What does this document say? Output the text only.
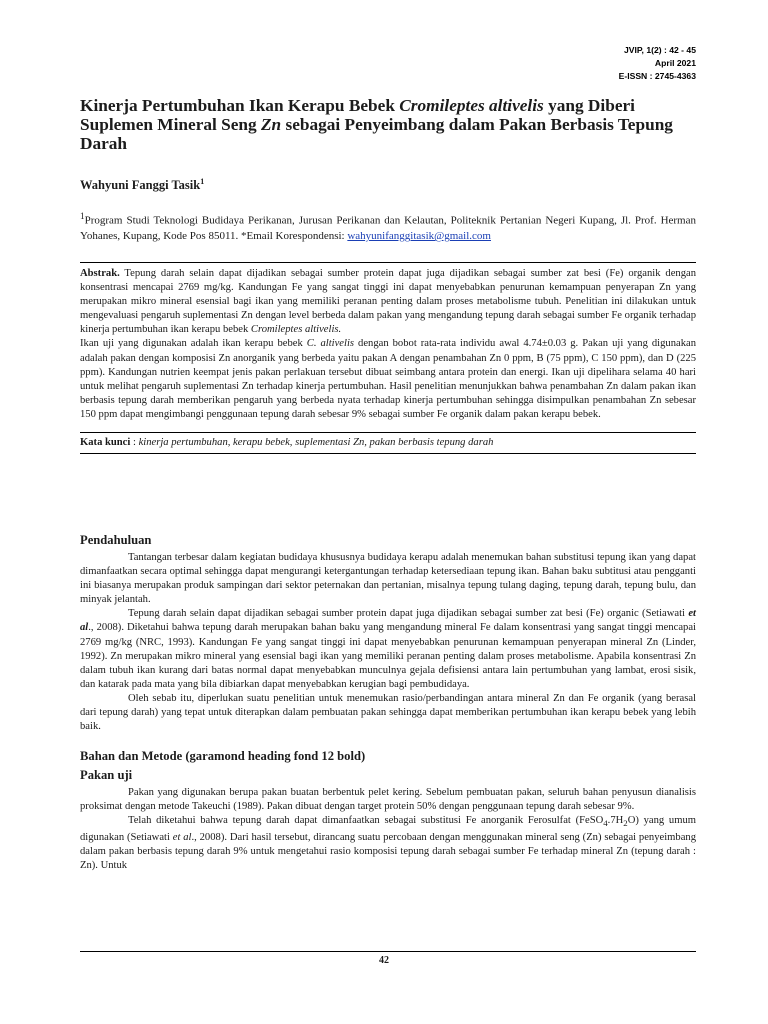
JVIP, 1(2) : 42 - 45
April 2021
E-ISSN : 2745-4363
Kinerja Pertumbuhan Ikan Kerapu Bebek Cromileptes altivelis yang Diberi Suplemen Mineral Seng Zn sebagai Penyeimbang dalam Pakan Berbasis Tepung Darah

Wahyuni Fanggi Tasik$^1$

$^1$Program Studi Teknologi Budidaya Perikanan, Jurusan Perikanan dan Kelautan, Politeknik Pertanian Negeri Kupang, Jl. Prof. Herman Yohanes, Kupang, Kode Pos 85011. *Email Korespondensi: wahyunifanggitasik@gmail.com
Abstrak. Tepung darah selain dapat dijadikan sebagai sumber protein dapat juga dijadikan sebagai sumber zat besi (Fe) organik dengan konsentrasi mencapai 2769 mg/kg. Kandungan Fe yang sangat tinggi ini dapat menyebabkan penurunan kemampuan penyerapan Zn yang merupakan mikro mineral esensial bagi ikan yang memiliki peranan penting dalam proses metabolisme tubuh. Penelitian ini dilakukan untuk mengevaluasi pengaruh suplementasi Zn dengan level berbeda dalam pakan yang mengandung tepung darah sebagai sumber Fe organik terhadap kinerja pertumbuhan ikan kerapu bebek Cromileptes altivelis.
Ikan uji yang digunakan adalah ikan kerapu bebek C. altivelis dengan bobot rata-rata individu awal 4.74±0.03 g. Pakan uji yang digunakan adalah pakan dengan komposisi Zn anorganik yang berbeda yaitu pakan A dengan penambahan Zn 0 ppm, B (75 ppm), C 150 ppm), dan D (225 ppm). Kandungan nutrien keempat jenis pakan perlakuan tersebut dibuat seimbang antara protein dan energi. Ikan uji dipelihara selama 40 hari untuk melihat pengaruh suplementasi Zn terhadap kinerja pertumbuhan. Hasil penelitian menunjukkan bahwa penambahan Zn dalam pakan ikan berbasis tepung darah memberikan pengaruh yang berbeda nyata terhadap kinerja pertumbuhan sehingga disimpulkan penambahan Zn sebesar 150 ppm dapat mengimbangi penggunaan tepung darah sebesar 9% sebagai sumber Fe organik dalam pakan kerapu bebek.
Kata kunci : kinerja pertumbuhan, kerapu bebek, suplementasi Zn, pakan berbasis tepung darah
Pendahuluan

Tantangan terbesar dalam kegiatan budidaya khususnya budidaya kerapu adalah menemukan bahan substitusi tepung ikan yang dapat dimanfaatkan secara optimal sehingga dapat mengurangi ketergantungan terhadap ketersediaan tepung ikan. Bahan baku subtitusi atau pengganti ini biasanya merupakan produk sampingan dari sektor peternakan dan pertanian, misalnya tepung tulang daging, tepung darah, tepung bulu, dan minyak jelantah.

Tepung darah selain dapat dijadikan sebagai sumber protein dapat juga dijadikan sebagai sumber zat besi (Fe) organic (Setiawati et al., 2008). Diketahui bahwa tepung darah merupakan bahan baku yang mengandung mineral Fe dalam konsentrasi yang sangat tinggi mencapai 2769 mg/kg (NRC, 1993). Kandungan Fe yang sangat tinggi ini dapat menyebabkan penurunan kemampuan penyerapan mineral Zn (Linder, 1992). Zn merupakan mikro mineral yang esensial bagi ikan yang memiliki peranan penting dalam proses metabolisme. Apabila konsentrasi Zn dalam tubuh ikan kurang dari batas normal dapat menyebabkan munculnya gejala defisiensi antara lain pertumbuhan yang lambat, erosi sisik, dan katarak pada mata yang bila dibiarkan dapat menyebabkan kerugian bagi pembudidaya.

Oleh sebab itu, diperlukan suatu penelitian untuk menemukan rasio/perbandingan antara mineral Zn dan Fe organik (yang berasal dari tepung darah) yang tepat untuk diterapkan dalam pembuatan pakan sehingga dapat memberikan pertumbuhan ikan kerapu bebek yang lebih baik.

Bahan dan Metode (garamond heading fond 12 bold)
Pakan uji

Pakan yang digunakan berupa pakan buatan berbentuk pelet kering. Sebelum pembuatan pakan, seluruh bahan penyusun dianalisis proksimat dengan metode Takeuchi (1989). Pakan dibuat dengan target protein 50% dengan penggunaan tepung darah sebesar 9%.

Telah diketahui bahwa tepung darah dapat dimanfaatkan sebagai substitusi Fe anorganik Ferosulfat $(FeSO_4.7H_2O)$ yang umum digunakan (Setiawati et al., 2008). Dari hasil tersebut, dirancang suatu percobaan dengan menggunakan mineral seng (Zn) sebagai penyeimbang dalam pakan berbasis tepung darah 9% untuk mengetahui rasio komposisi tepung darah sebagai sumber Fe terhadap mineral Zn (tepung darah : Zn). Untuk

42
